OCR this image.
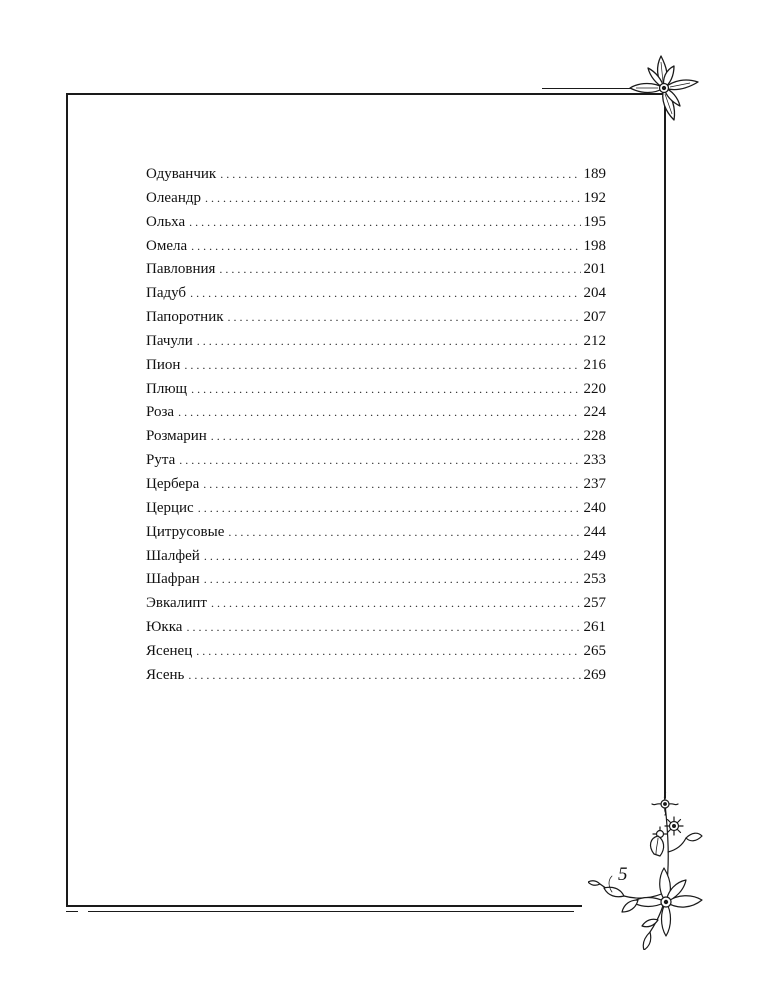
Одуванчик . . .	189
Олеандр . . .	192
Ольха . . .	195
Омела . . .	198
Павловния . . .	201
Падуб . . .	204
Папоротник . . .	207
Пачули . . .	212
Пион . . .	216
Плющ . . .	220
Роза . . .	224
Розмарин . . .	228
Рута . . .	233
Цербера . . .	237
Церцис . . .	240
Цитрусовые . . .	244
Шалфей . . .	249
Шафран . . .	253
Эвкалипт . . .	257
Юкка . . .	261
Ясенец . . .	265
Ясень . . .	269
5
